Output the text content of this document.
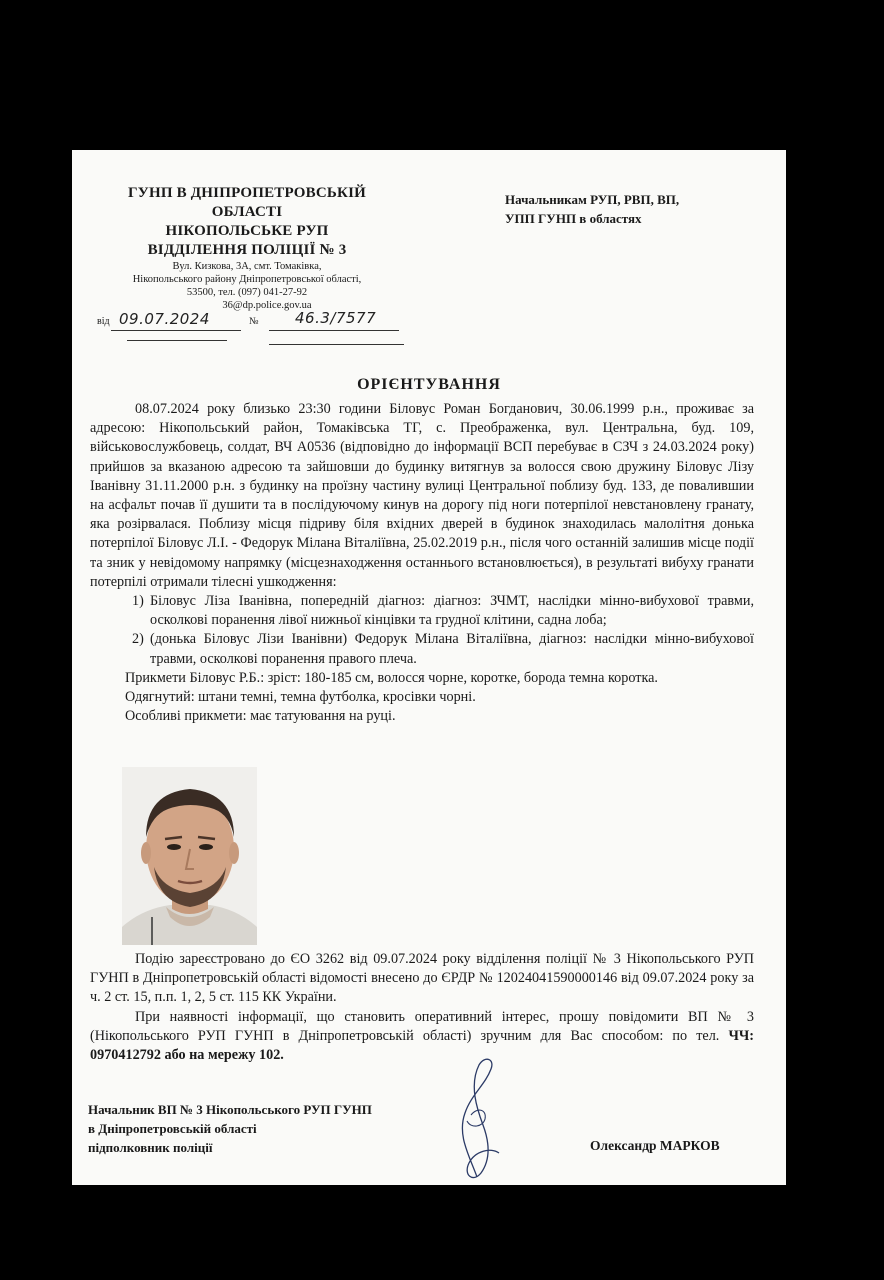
ГУНП В ДНІПРОПЕТРОВСЬКІЙ
ОБЛАСТІ
НІКОПОЛЬСЬКЕ РУП
ВІДДІЛЕННЯ ПОЛІЦІЇ № 3
Вул. Кизкова, 3А, смт. Томаківка,
Нікопольського району Дніпропетровської області,
53500, тел. (097) 041-27-92
36@dp.police.gov.ua
Начальникам РУП, РВП, ВП,
УПП ГУНП в областях
від 09.07.2024	№ 46.3/7577
ОРІЄНТУВАННЯ

08.07.2024 року близько 23:30 години Біловус Роман Богданович, 30.06.1999 р.н., проживає за адресою: Нікопольський район, Томаківська ТГ, с. Преображенка, вул. Центральна, буд. 109, військовослужбовець, солдат, ВЧ А0536 (відповідно до інформації ВСП перебуває в СЗЧ з 24.03.2024 року) прийшов за вказаною адресою та зайшовши до будинку витягнув за волосся свою дружину Біловус Лізу Іванівну 31.11.2000 р.н. з будинку на проїзну частину вулиці Центральної поблизу буд. 133, де повалившии на асфальт почав її душити та в послідуючому кинув на дорогу під ноги потерпілої невстановлену гранату, яка розірвалася. Поблизу місця підриву біля вхідних дверей в будинок знаходилась малолітня донька потерпілої Біловус Л.І. - Федорук Мілана Віталіївна, 25.02.2019 р.н., після чого останній залишив місце події та зник у невідомому напрямку (місцезнаходження останнього встановлюється), в результаті вибуху гранати потерпілі отримали тілесні ушкодження:

1) Біловус Ліза Іванівна, попередній діагноз: діагноз: ЗЧМТ, наслідки мінно-вибухової травми, осколкові поранення лівої нижньої кінцівки та грудної клітини, садна лоба;
2) (донька Біловус Лізи Іванівни) Федорук Мілана Віталіївна, діагноз: наслідки мінно-вибухової травми, осколкові поранення правого плеча.

Прикмети Біловус Р.Б.: зріст: 180-185 см, волосся чорне, коротке, борода темна коротка.

Одягнутий: штани темні, темна футболка, кросівки чорні.

Особливі прикмети: має татуювання на руці.

Подію зареєстровано до ЄО 3262 від 09.07.2024 року відділення поліції № 3 Нікопольського РУП ГУНП в Дніпропетровській області відомості внесено до ЄРДР № 12024041590000146 від 09.07.2024 року за ч. 2 ст. 15, п.п. 1, 2, 5 ст. 115 КК України.

При наявності інформації, що становить оперативний інтерес, прошу повідомити ВП № 3 (Нікопольського РУП ГУНП в Дніпропетровській області) зручним для Вас способом: по тел. ЧЧ: 0970412792 або на мережу 102.

Начальник ВП № 3 Нікопольського РУП ГУНП
в Дніпропетровській області
підполковник поліції	Олександр МАРКОВ
